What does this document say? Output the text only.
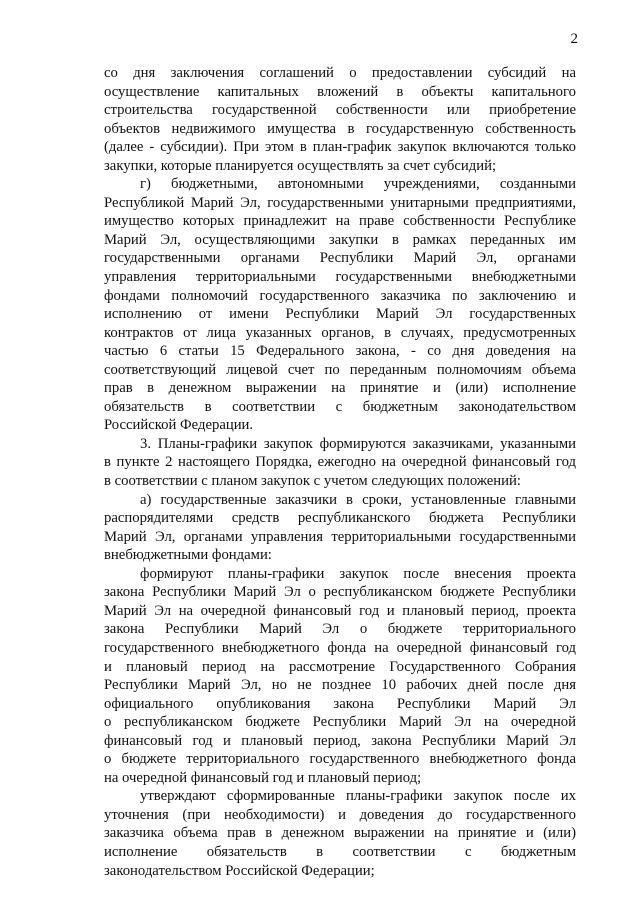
2
со дня заключения соглашений о предоставлении субсидий на
осуществление капитальных вложений в объекты капитального
строительства государственной собственности или приобретение
объектов недвижимого имущества в государственную собственность
(далее - субсидии). При этом в план-график закупок включаются только
закупки, которые планируется осуществлять за счет субсидий;
г) бюджетными, автономными учреждениями, созданными
Республикой Марий Эл, государственными унитарными предприятиями,
имущество которых принадлежит на праве собственности Республике
Марий Эл, осуществляющими закупки в рамках переданных им
государственными органами Республики Марий Эл, органами
управления территориальными государственными внебюджетными
фондами полномочий государственного заказчика по заключению и
исполнению от имени Республики Марий Эл государственных
контрактов от лица указанных органов, в случаях, предусмотренных
частью 6 статьи 15 Федерального закона, - со дня доведения на
соответствующий лицевой счет по переданным полномочиям объема
прав в денежном выражении на принятие и (или) исполнение
обязательств в соответствии с бюджетным законодательством
Российской Федерации.
3. Планы-графики закупок формируются заказчиками, указанными
в пункте 2 настоящего Порядка, ежегодно на очередной финансовый год
в соответствии с планом закупок с учетом следующих положений:
а) государственные заказчики в сроки, установленные главными
распорядителями средств республиканского бюджета Республики
Марий Эл, органами управления территориальными государственными
внебюджетными фондами:
формируют планы-графики закупок после внесения проекта
закона Республики Марий Эл о республиканском бюджете Республики
Марий Эл на очередной финансовый год и плановый период, проекта
закона Республики Марий Эл о бюджете территориального
государственного внебюджетного фонда на очередной финансовый год
и плановый период на рассмотрение Государственного Собрания
Республики Марий Эл, но не позднее 10 рабочих дней после дня
официального опубликования закона Республики Марий Эл
о республиканском бюджете Республики Марий Эл на очередной
финансовый год и плановый период, закона Республики Марий Эл
о бюджете территориального государственного внебюджетного фонда
на очередной финансовый год и плановый период;
утверждают сформированные планы-графики закупок после их
уточнения (при необходимости) и доведения до государственного
заказчика объема прав в денежном выражении на принятие и (или)
исполнение обязательств в соответствии с бюджетным
законодательством Российской Федерации;
